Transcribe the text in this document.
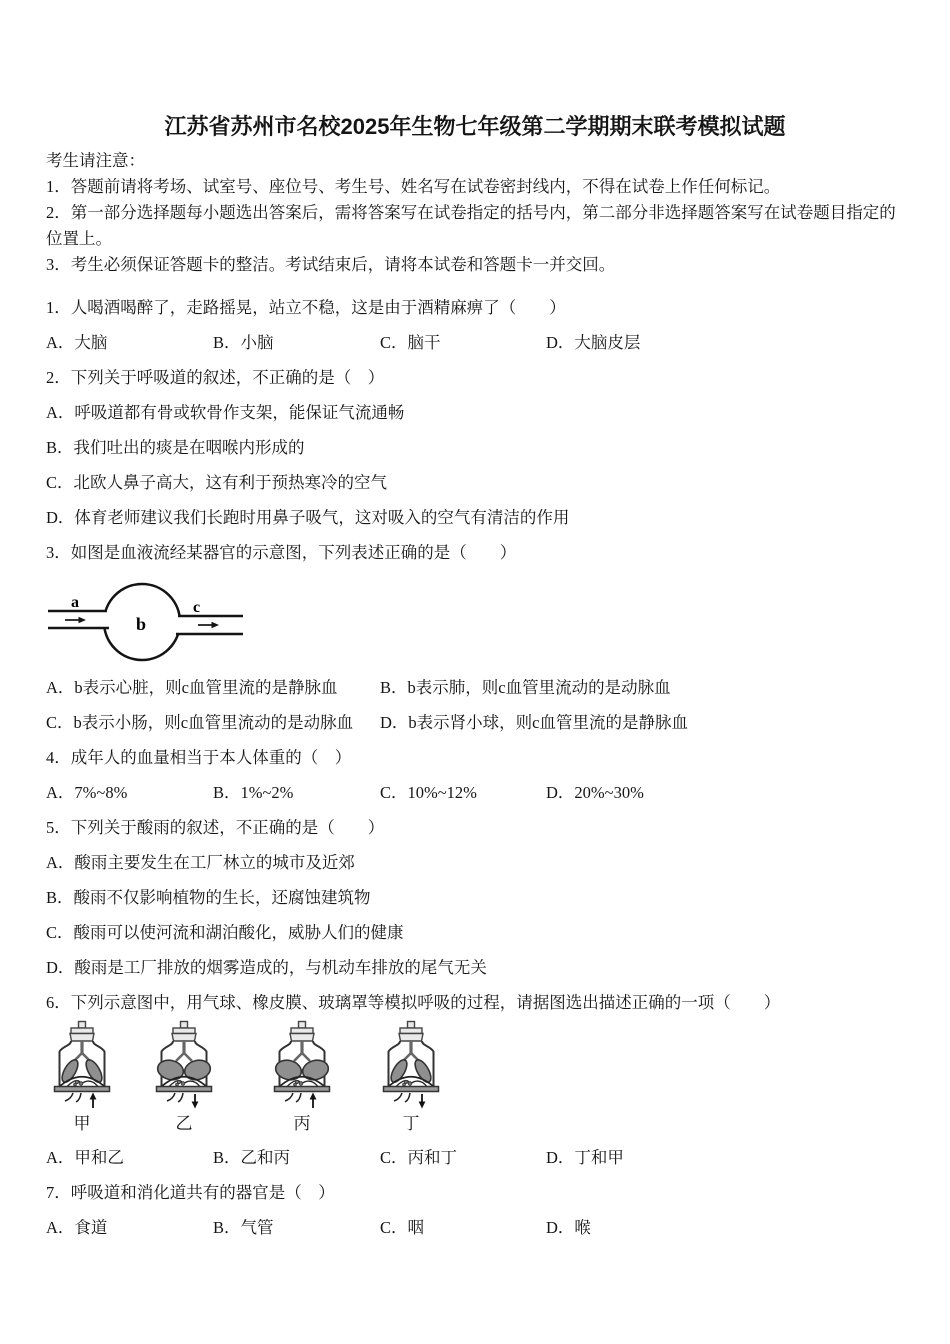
江苏省苏州市名校2025年生物七年级第二学期期末联考模拟试题
考生请注意：
1．答题前请将考场、试室号、座位号、考生号、姓名写在试卷密封线内，不得在试卷上作任何标记。
2．第一部分选择题每小题选出答案后，需将答案写在试卷指定的括号内，第二部分非选择题答案写在试卷题目指定的位置上。
3．考生必须保证答题卡的整洁。考试结束后，请将本试卷和答题卡一并交回。
1．人喝酒喝醉了，走路摇晃，站立不稳，这是由于酒精麻痹了（　　）
A．大脑	B．小脑	C．脑干	D．大脑皮层
2．下列关于呼吸道的叙述，不正确的是（　）
A．呼吸道都有骨或软骨作支架，能保证气流通畅
B．我们吐出的痰是在咽喉内形成的
C．北欧人鼻子高大，这有利于预热寒冷的空气
D．体育老师建议我们长跑时用鼻子吸气，这对吸入的空气有清洁的作用
3．如图是血液流经某器官的示意图，下列表述正确的是（　　）
a
b
c
A．b表示心脏，则c血管里流的是静脉血	B．b表示肺，则c血管里流动的是动脉血
C．b表示小肠，则c血管里流动的是动脉血	D．b表示肾小球，则c血管里流的是静脉血
4．成年人的血量相当于本人体重的（　）
A．7%~8%	B．1%~2%	C．10%~12%	D．20%~30%
5．下列关于酸雨的叙述，不正确的是（　　）
A．酸雨主要发生在工厂林立的城市及近郊
B．酸雨不仅影响植物的生长，还腐蚀建筑物
C．酸雨可以使河流和湖泊酸化，威胁人们的健康
D．酸雨是工厂排放的烟雾造成的，与机动车排放的尾气无关
6．下列示意图中，用气球、橡皮膜、玻璃罩等模拟呼吸的过程，请据图选出描述正确的一项（　　）
甲	乙	丙	丁
A．甲和乙	B．乙和丙	C．丙和丁	D．丁和甲
7．呼吸道和消化道共有的器官是（　）
A．食道	B．气管	C．咽	D．喉
